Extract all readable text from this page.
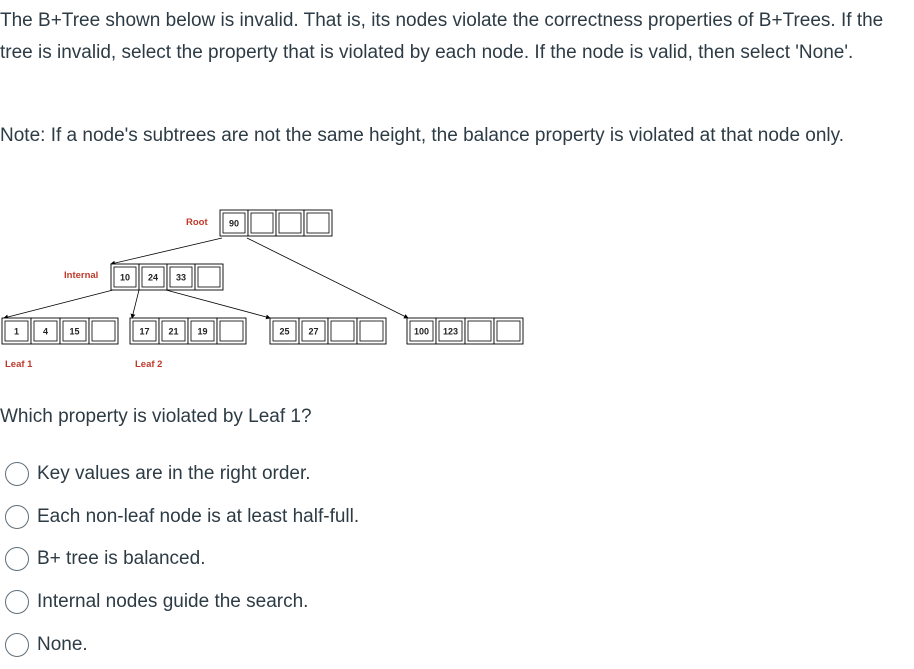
The B+Tree shown below is invalid. That is, its nodes violate the correctness properties of B+Trees. If the tree is invalid, select the property that is violated by each node. If the node is valid, then select 'None'.

Note: If a node's subtrees are not the same height, the balance property is violated at that node only.

Root
Internal
Leaf 1	Leaf 2
90
10 24 33
1	4 15	17 21 19	25 27	100 123

Which property is violated by Leaf 1?

Key values are in the right order.
Each non-leaf node is at least half-full.
B+ tree is balanced.
Internal nodes guide the search.
None.
